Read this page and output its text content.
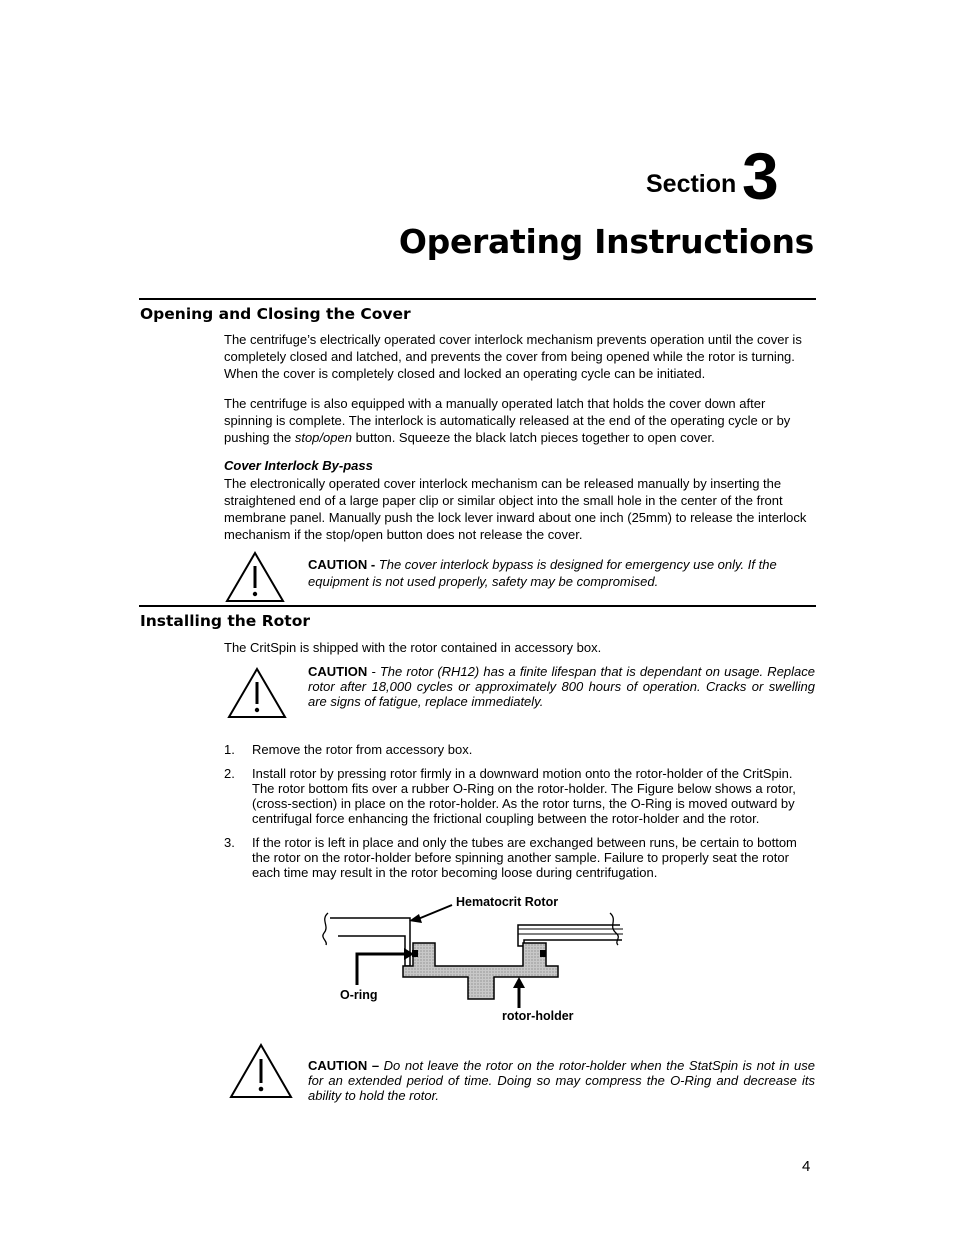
Section 3
Operating Instructions
Opening and Closing the Cover
The centrifuge’s electrically operated cover interlock mechanism prevents operation until the cover is completely closed and latched, and prevents the cover from being opened while the rotor is turning. When the cover is completely closed and locked an operating cycle can be initiated.
The centrifuge is also equipped with a manually operated latch that holds the cover down after spinning is complete. The interlock is automatically released at the end of the operating cycle or by pushing the stop/open button. Squeeze the black latch pieces together to open cover.
Cover Interlock By-pass
The electronically operated cover interlock mechanism can be released manually by inserting the straightened end of a large paper clip or similar object into the small hole in the center of the front membrane panel. Manually push the lock lever inward about one inch (25mm) to release the interlock mechanism if the stop/open button does not release the cover.
CAUTION - The cover interlock bypass is designed for emergency use only. If the equipment is not used properly, safety may be compromised.
Installing the Rotor
The CritSpin is shipped with the rotor contained in accessory box.
CAUTION - The rotor (RH12) has a finite lifespan that is dependant on usage. Replace rotor after 18,000 cycles or approximately 800 hours of operation. Cracks or swelling are signs of fatigue, replace immediately.
1. Remove the rotor from accessory box.
2. Install rotor by pressing rotor firmly in a downward motion onto the rotor-holder of the CritSpin. The rotor bottom fits over a rubber O-Ring on the rotor-holder. The Figure below shows a rotor, (cross-section) in place on the rotor-holder. As the rotor turns, the O-Ring is moved outward by centrifugal force enhancing the frictional coupling between the rotor-holder and the rotor.
3. If the rotor is left in place and only the tubes are exchanged between runs, be certain to bottom the rotor on the rotor-holder before spinning another sample. Failure to properly seat the rotor each time may result in the rotor becoming loose during centrifugation.
Hematocrit Rotor
O-ring
rotor-holder
CAUTION – Do not leave the rotor on the rotor-holder when the StatSpin is not in use for an extended period of time. Doing so may compress the O-Ring and decrease its ability to hold the rotor.
4
